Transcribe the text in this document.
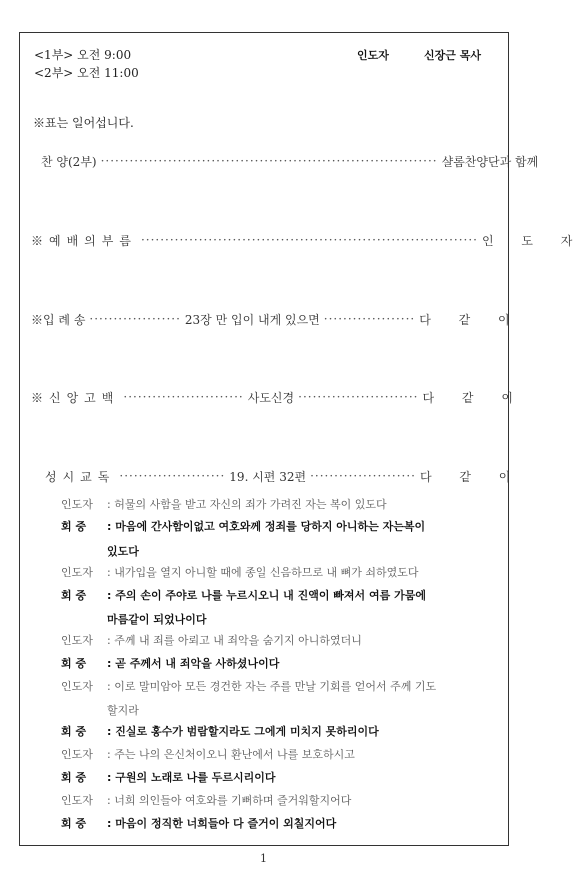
<1부> 오전 9:00
<2부> 오전 11:00
인도자	신장근 목사
※표는 일어섭니다.
찬 양(2부) ······································································ 샬롬찬양단과 함께
※예배의부름 ······································································ 인 도 자
※입 례 송 ··················· 23장 만 입이 내게 있으면 ··················· 다 같 이
※신앙고백 ························· 사도신경 ························· 다 같 이
성시교독 ······················ 19. 시편 32편 ······················ 다 같 이
인도자 : 허물의 사함을 받고 자신의 죄가 가려진 자는 복이 있도다
회 중 : 마음에 간사함이없고 여호와께 정죄를 당하지 아니하는 자는복이
있도다
인도자 : 내가입을 열지 아니할 때에 종일 신음하므로 내 뼈가 쇠하였도다
회 중 : 주의 손이 주야로 나를 누르시오니 내 진액이 빠져서 여름 가뭄에
마름같이 되었나이다
인도자 : 주께 내 죄를 아뢰고 내 죄악을 숨기지 아니하였더니
회 중 : 곧 주께서 내 죄악을 사하셨나이다
인도자 : 이로 말미암아 모든 경건한 자는 주를 만날 기회를 얻어서 주께 기도
할지라
회 중 : 진실로 홍수가 범람할지라도 그에게 미치지 못하리이다
인도자 : 주는 나의 은신처이오니 환난에서 나를 보호하시고
회 중 : 구원의 노래로 나를 두르시리이다
인도자 : 너희 의인들아 여호와를 기뻐하며 즐거워할지어다
회 중 : 마음이 정직한 너희들아 다 즐거이 외칠지어다
1
